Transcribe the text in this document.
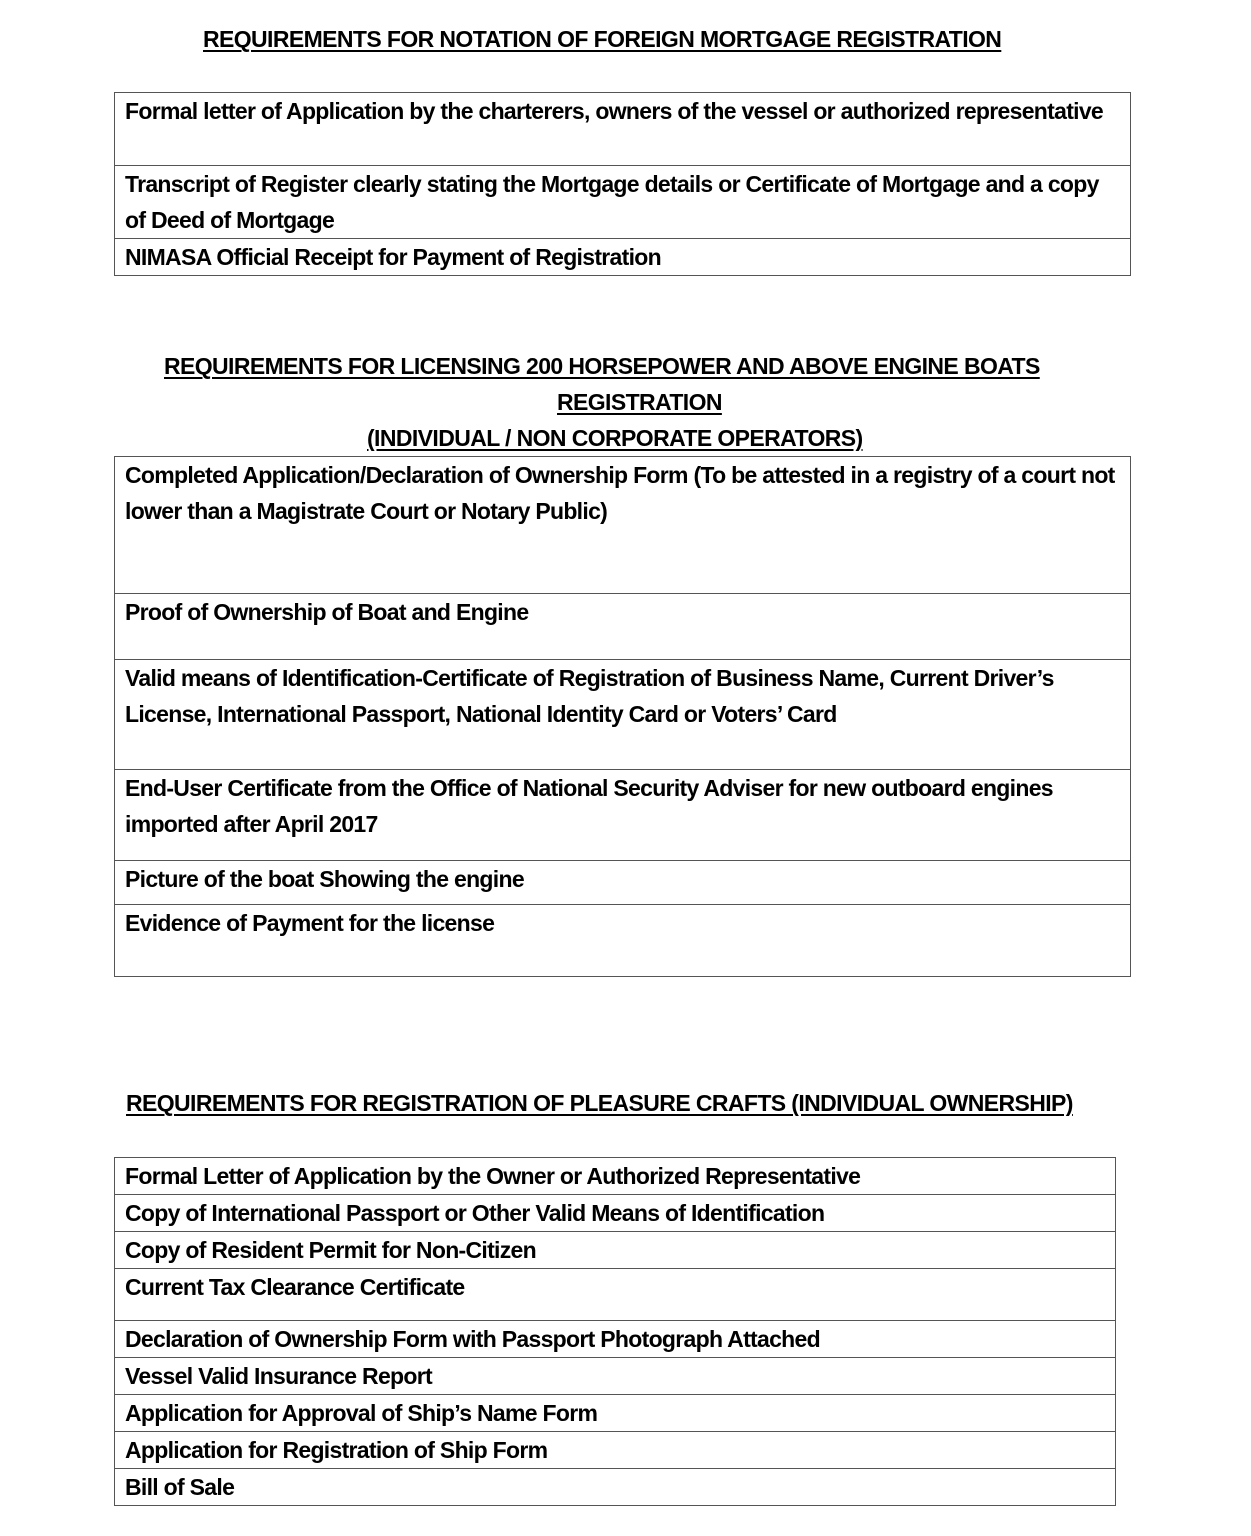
REQUIREMENTS FOR NOTATION OF FOREIGN MORTGAGE REGISTRATION
Formal letter of Application by the charterers, owners of the vessel or authorized representative
Transcript of Register clearly stating the Mortgage details or Certificate of Mortgage and a copy of Deed of Mortgage
NIMASA Official Receipt for Payment of Registration
REQUIREMENTS FOR LICENSING 200 HORSEPOWER AND ABOVE ENGINE BOATS
REGISTRATION
(INDIVIDUAL / NON CORPORATE OPERATORS)
Completed Application/Declaration of Ownership Form (To be attested in a registry of a court not lower than a Magistrate Court or Notary Public)
Proof of Ownership of Boat and Engine
Valid means of Identification-Certificate of Registration of Business Name, Current Driver’s License, International Passport, National Identity Card or Voters’ Card
End-User Certificate from the Office of National Security Adviser for new outboard engines imported after April 2017
Picture of the boat Showing the engine
Evidence of Payment for the license
REQUIREMENTS FOR REGISTRATION OF PLEASURE CRAFTS (INDIVIDUAL OWNERSHIP)
Formal Letter of Application by the Owner or Authorized Representative
Copy of International Passport or Other Valid Means of Identification
Copy of Resident Permit for Non-Citizen
Current Tax Clearance Certificate
Declaration of Ownership Form with Passport Photograph Attached
Vessel Valid Insurance Report
Application for Approval of Ship’s Name Form
Application for Registration of Ship Form
Bill of Sale
